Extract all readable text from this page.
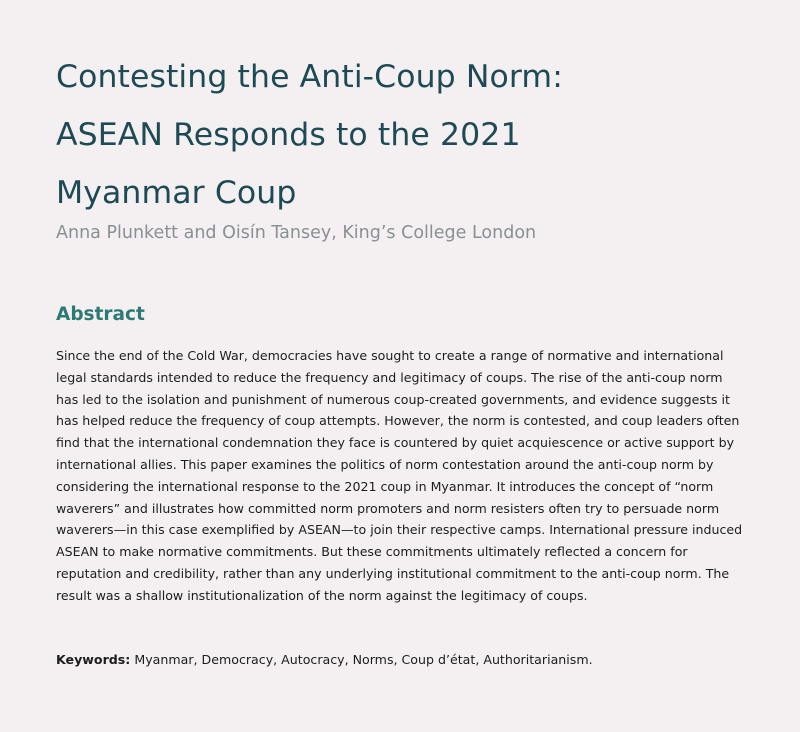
Contesting the Anti-Coup Norm:
ASEAN Responds to the 2021
Myanmar Coup

Anna Plunkett and Oisín Tansey, King’s College London

Abstract

Since the end of the Cold War, democracies have sought to create a range of normative and international legal standards intended to reduce the frequency and legitimacy of coups. The rise of the anti-coup norm has led to the isolation and punishment of numerous coup-created governments, and evidence suggests it has helped reduce the frequency of coup attempts. However, the norm is contested, and coup leaders often find that the international condemnation they face is countered by quiet acquiescence or active support by international allies. This paper examines the politics of norm contestation around the anti-coup norm by considering the international response to the 2021 coup in Myanmar. It introduces the concept of “norm waverers” and illustrates how committed norm promoters and norm resisters often try to persuade norm waverers—in this case exemplified by ASEAN—to join their respective camps. International pressure induced ASEAN to make normative commitments. But these commitments ultimately reflected a concern for reputation and credibility, rather than any underlying institutional commitment to the anti-coup norm. The result was a shallow institutionalization of the norm against the legitimacy of coups.

Keywords: Myanmar, Democracy, Autocracy, Norms, Coup d’état, Authoritarianism.
